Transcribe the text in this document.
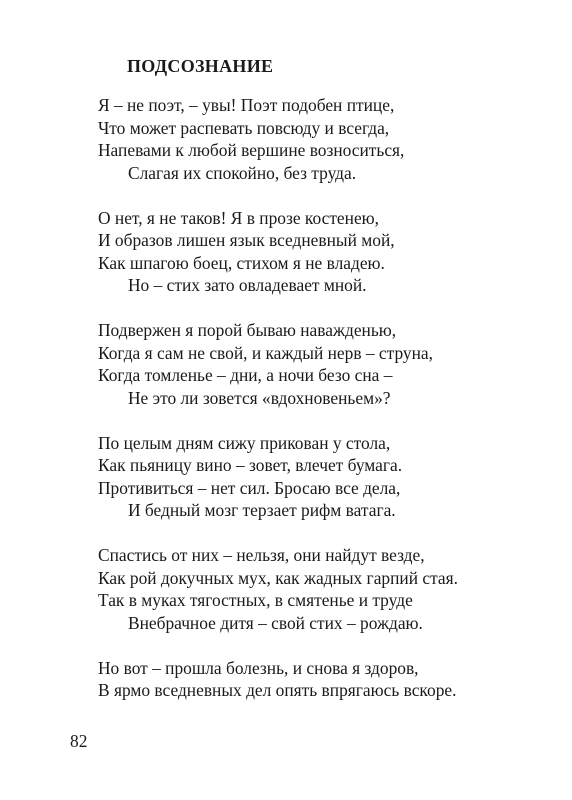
ПОДСОЗНАНИЕ
Я – не поэт, – увы! Поэт подобен птице,
Что может распевать повсюду и всегда,
Напевами к любой вершине возноситься,
Слагая их спокойно, без труда.
О нет, я не таков! Я в прозе костенею,
И образов лишен язык вседневный мой,
Как шпагою боец, стихом я не владею.
Но – стих зато овладевает мной.
Подвержен я порой бываю наважденью,
Когда я сам не свой, и каждый нерв – струна,
Когда томленье – дни, а ночи безо сна –
Не это ли зовется «вдохновеньем»?
По целым дням сижу прикован у стола,
Как пьяницу вино – зовет, влечет бумага.
Противиться – нет сил. Бросаю все дела,
И бедный мозг терзает рифм ватага.
Спастись от них – нельзя, они найдут везде,
Как рой докучных мух, как жадных гарпий стая.
Так в муках тягостных, в смятенье и труде
Внебрачное дитя – свой стих – рождаю.
Но вот – прошла болезнь, и снова я здоров,
В ярмо вседневных дел опять впрягаюсь вскоре.
82
